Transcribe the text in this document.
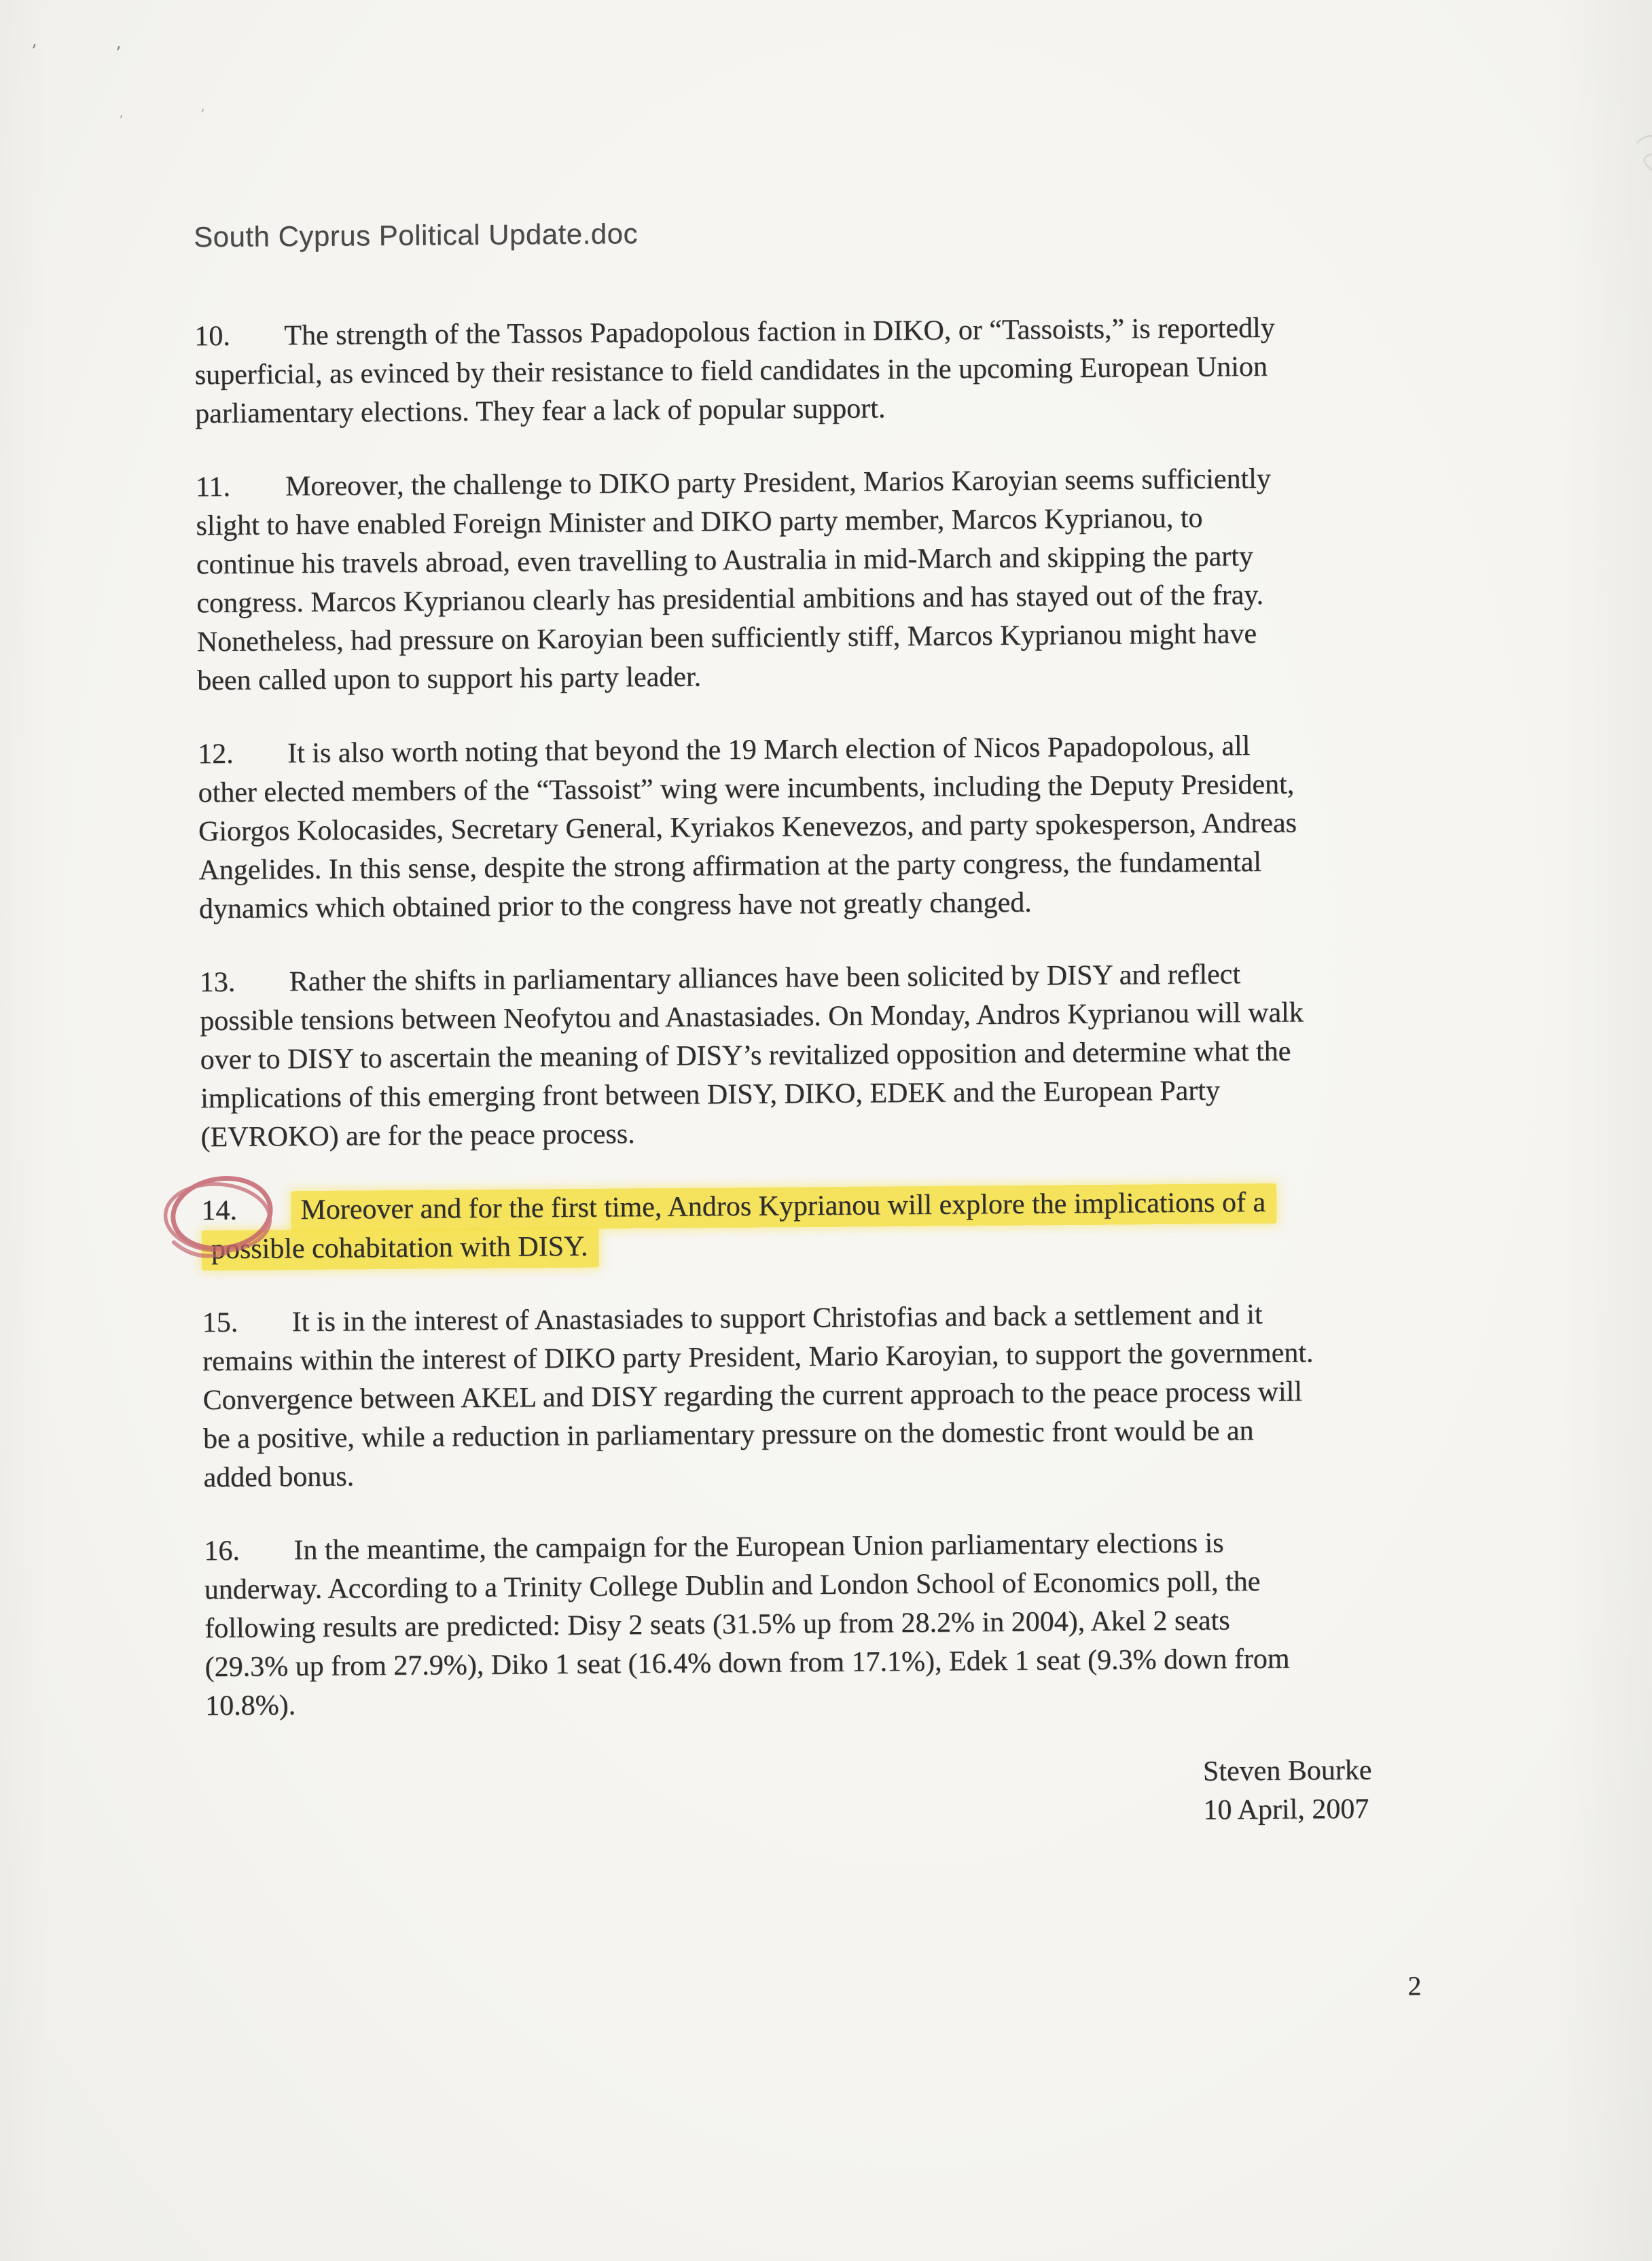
’	’
’	’
South Cyprus Political Update.doc

10. The strength of the Tassos Papadopolous faction in DIKO, or “Tassoists,” is reportedly
superficial, as evinced by their resistance to field candidates in the upcoming European Union
parliamentary elections. They fear a lack of popular support.

11. Moreover, the challenge to DIKO party President, Marios Karoyian seems sufficiently
slight to have enabled Foreign Minister and DIKO party member, Marcos Kyprianou, to
continue his travels abroad, even travelling to Australia in mid-March and skipping the party
congress. Marcos Kyprianou clearly has presidential ambitions and has stayed out of the fray.
Nonetheless, had pressure on Karoyian been sufficiently stiff, Marcos Kyprianou might have
been called upon to support his party leader.

12. It is also worth noting that beyond the 19 March election of Nicos Papadopolous, all
other elected members of the “Tassoist” wing were incumbents, including the Deputy President,
Giorgos Kolocasides, Secretary General, Kyriakos Kenevezos, and party spokesperson, Andreas
Angelides. In this sense, despite the strong affirmation at the party congress, the fundamental
dynamics which obtained prior to the congress have not greatly changed.

13. Rather the shifts in parliamentary alliances have been solicited by DISY and reflect
possible tensions between Neofytou and Anastasiades. On Monday, Andros Kyprianou will walk
over to DISY to ascertain the meaning of DISY’s revitalized opposition and determine what the
implications of this emerging front between DISY, DIKO, EDEK and the European Party
(EVROKO) are for the peace process.

14. Moreover and for the first time, Andros Kyprianou will explore the implications of a
possible cohabitation with DISY.

15. It is in the interest of Anastasiades to support Christofias and back a settlement and it
remains within the interest of DIKO party President, Mario Karoyian, to support the government.
Convergence between AKEL and DISY regarding the current approach to the peace process will
be a positive, while a reduction in parliamentary pressure on the domestic front would be an
added bonus.

16. In the meantime, the campaign for the European Union parliamentary elections is
underway. According to a Trinity College Dublin and London School of Economics poll, the
following results are predicted: Disy 2 seats (31.5% up from 28.2% in 2004), Akel 2 seats
(29.3% up from 27.9%), Diko 1 seat (16.4% down from 17.1%), Edek 1 seat (9.3% down from
10.8%).

Steven Bourke
10 April, 2007
2
